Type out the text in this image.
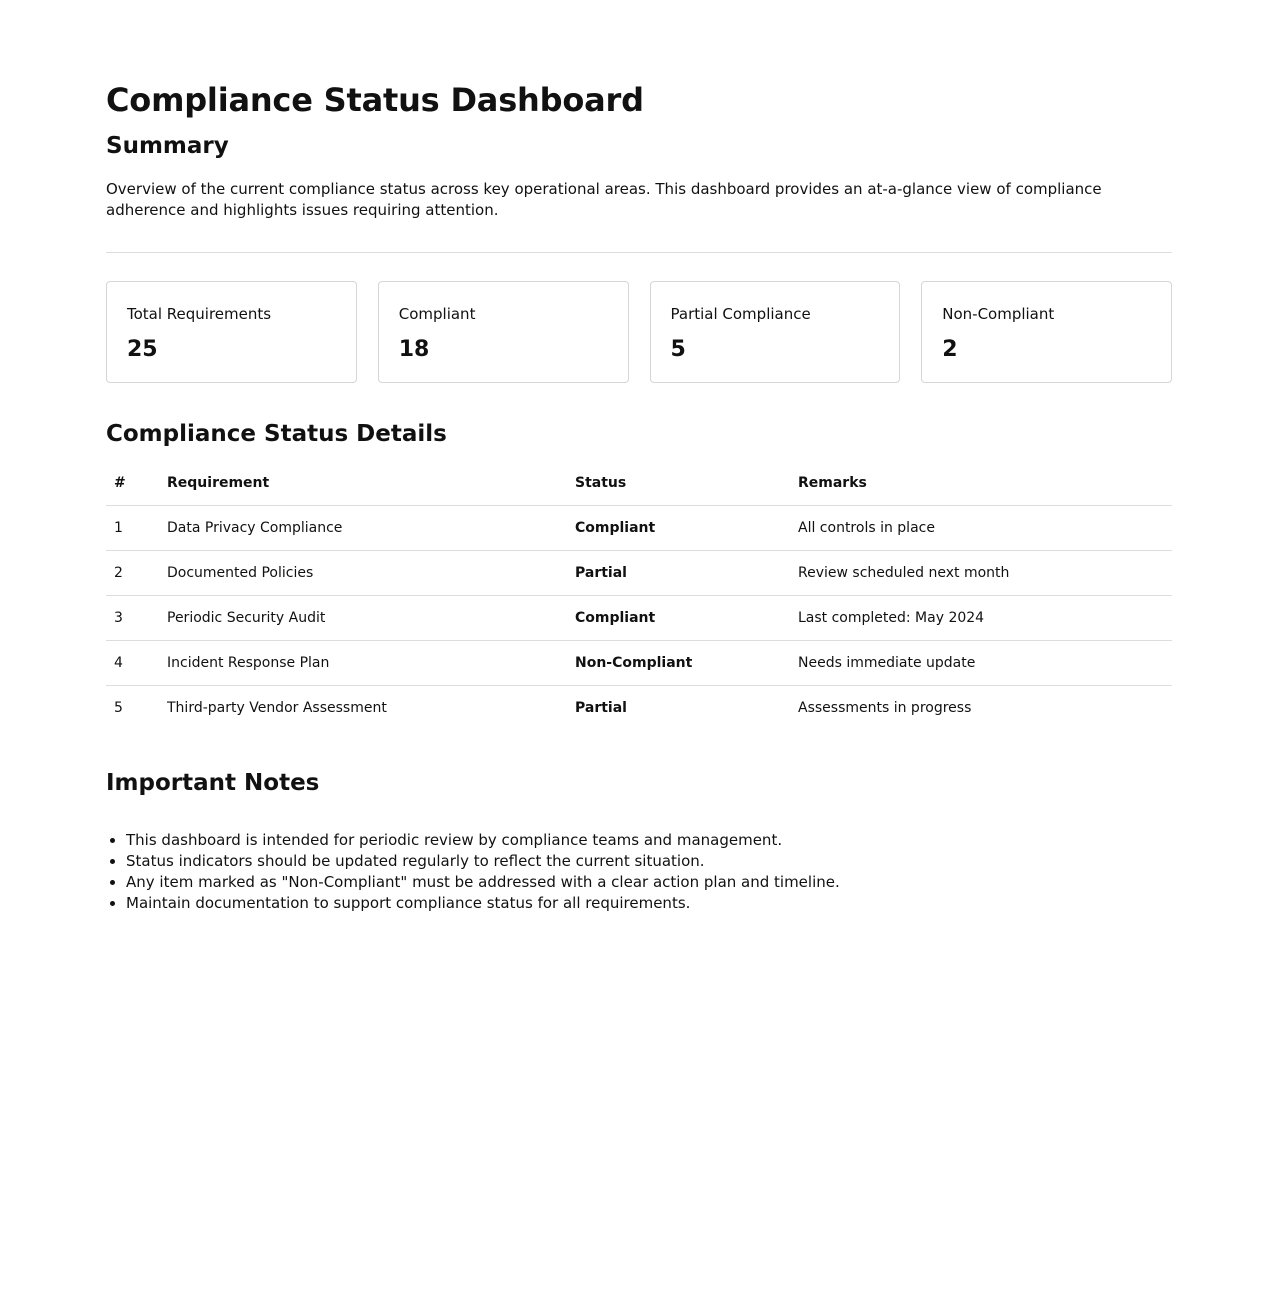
Compliance Status Dashboard
Summary

Overview of the current compliance status across key operational areas. This dashboard provides an at-a-glance view of compliance adherence and highlights issues requiring attention.

Total Requirements
25
Compliant
18
Partial Compliance
5
Non-Compliant
2
Compliance Status Details
#	Requirement	Status	Remarks
1	Data Privacy Compliance	Compliant	All controls in place
2	Documented Policies	Partial	Review scheduled next month
3	Periodic Security Audit	Compliant	Last completed: May 2024
4	Incident Response Plan	Non-Compliant	Needs immediate update
5	Third-party Vendor Assessment	Partial	Assessments in progress
Important Notes
• This dashboard is intended for periodic review by compliance teams and management.
• Status indicators should be updated regularly to reflect the current situation.
• Any item marked as "Non-Compliant" must be addressed with a clear action plan and timeline.
• Maintain documentation to support compliance status for all requirements.
